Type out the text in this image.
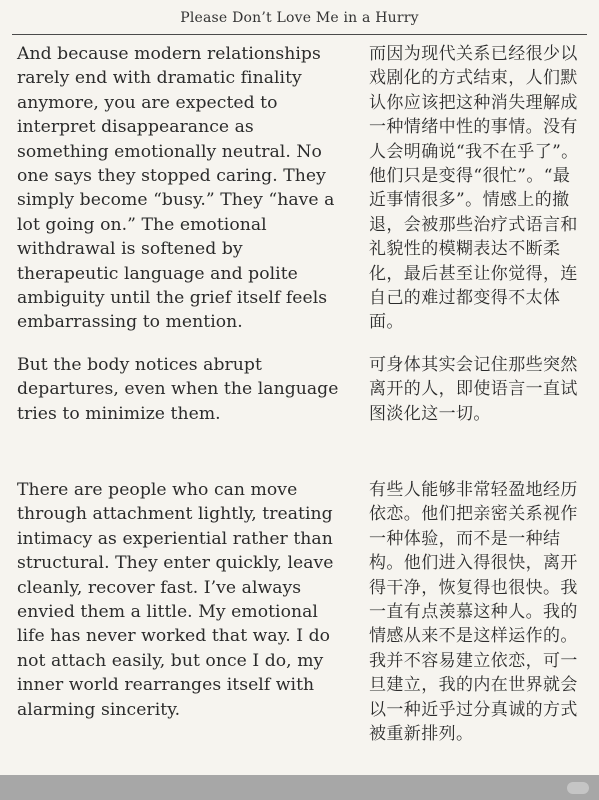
Please Don’t Love Me in a Hurry
And because modern relationships rarely end with dramatic finality anymore, you are expected to interpret disappearance as something emotionally neutral. No one says they stopped caring. They simply become “busy.” They “have a lot going on.” The emotional withdrawal is softened by therapeutic language and polite ambiguity until the grief itself feels embarrassing to mention.
而因为现代关系已经很少以戏剧化的方式结束，人们默认你应该把这种消失理解成一种情绪中性的事情。没有人会明确说“我不在乎了”。他们只是变得“很忙”。“最近事情很多”。情感上的撤退，会被那些治疗式语言和礼貌性的模糊表达不断柔化，最后甚至让你觉得，连自己的难过都变得不太体面。
But the body notices abrupt departures, even when the language tries to minimize them.
可身体其实会记住那些突然离开的人，即使语言一直试图淡化这一切。
There are people who can move through attachment lightly, treating intimacy as experiential rather than structural. They enter quickly, leave cleanly, recover fast. I’ve always envied them a little. My emotional life has never worked that way. I do not attach easily, but once I do, my inner world rearranges itself with alarming sincerity.
有些人能够非常轻盈地经历依恋。他们把亲密关系视作一种体验，而不是一种结构。他们进入得很快，离开得干净，恢复得也很快。我一直有点羡慕这种人。我的情感从来不是这样运作的。我并不容易建立依恋，可一旦建立，我的内在世界就会以一种近乎过分真诚的方式被重新排列。
